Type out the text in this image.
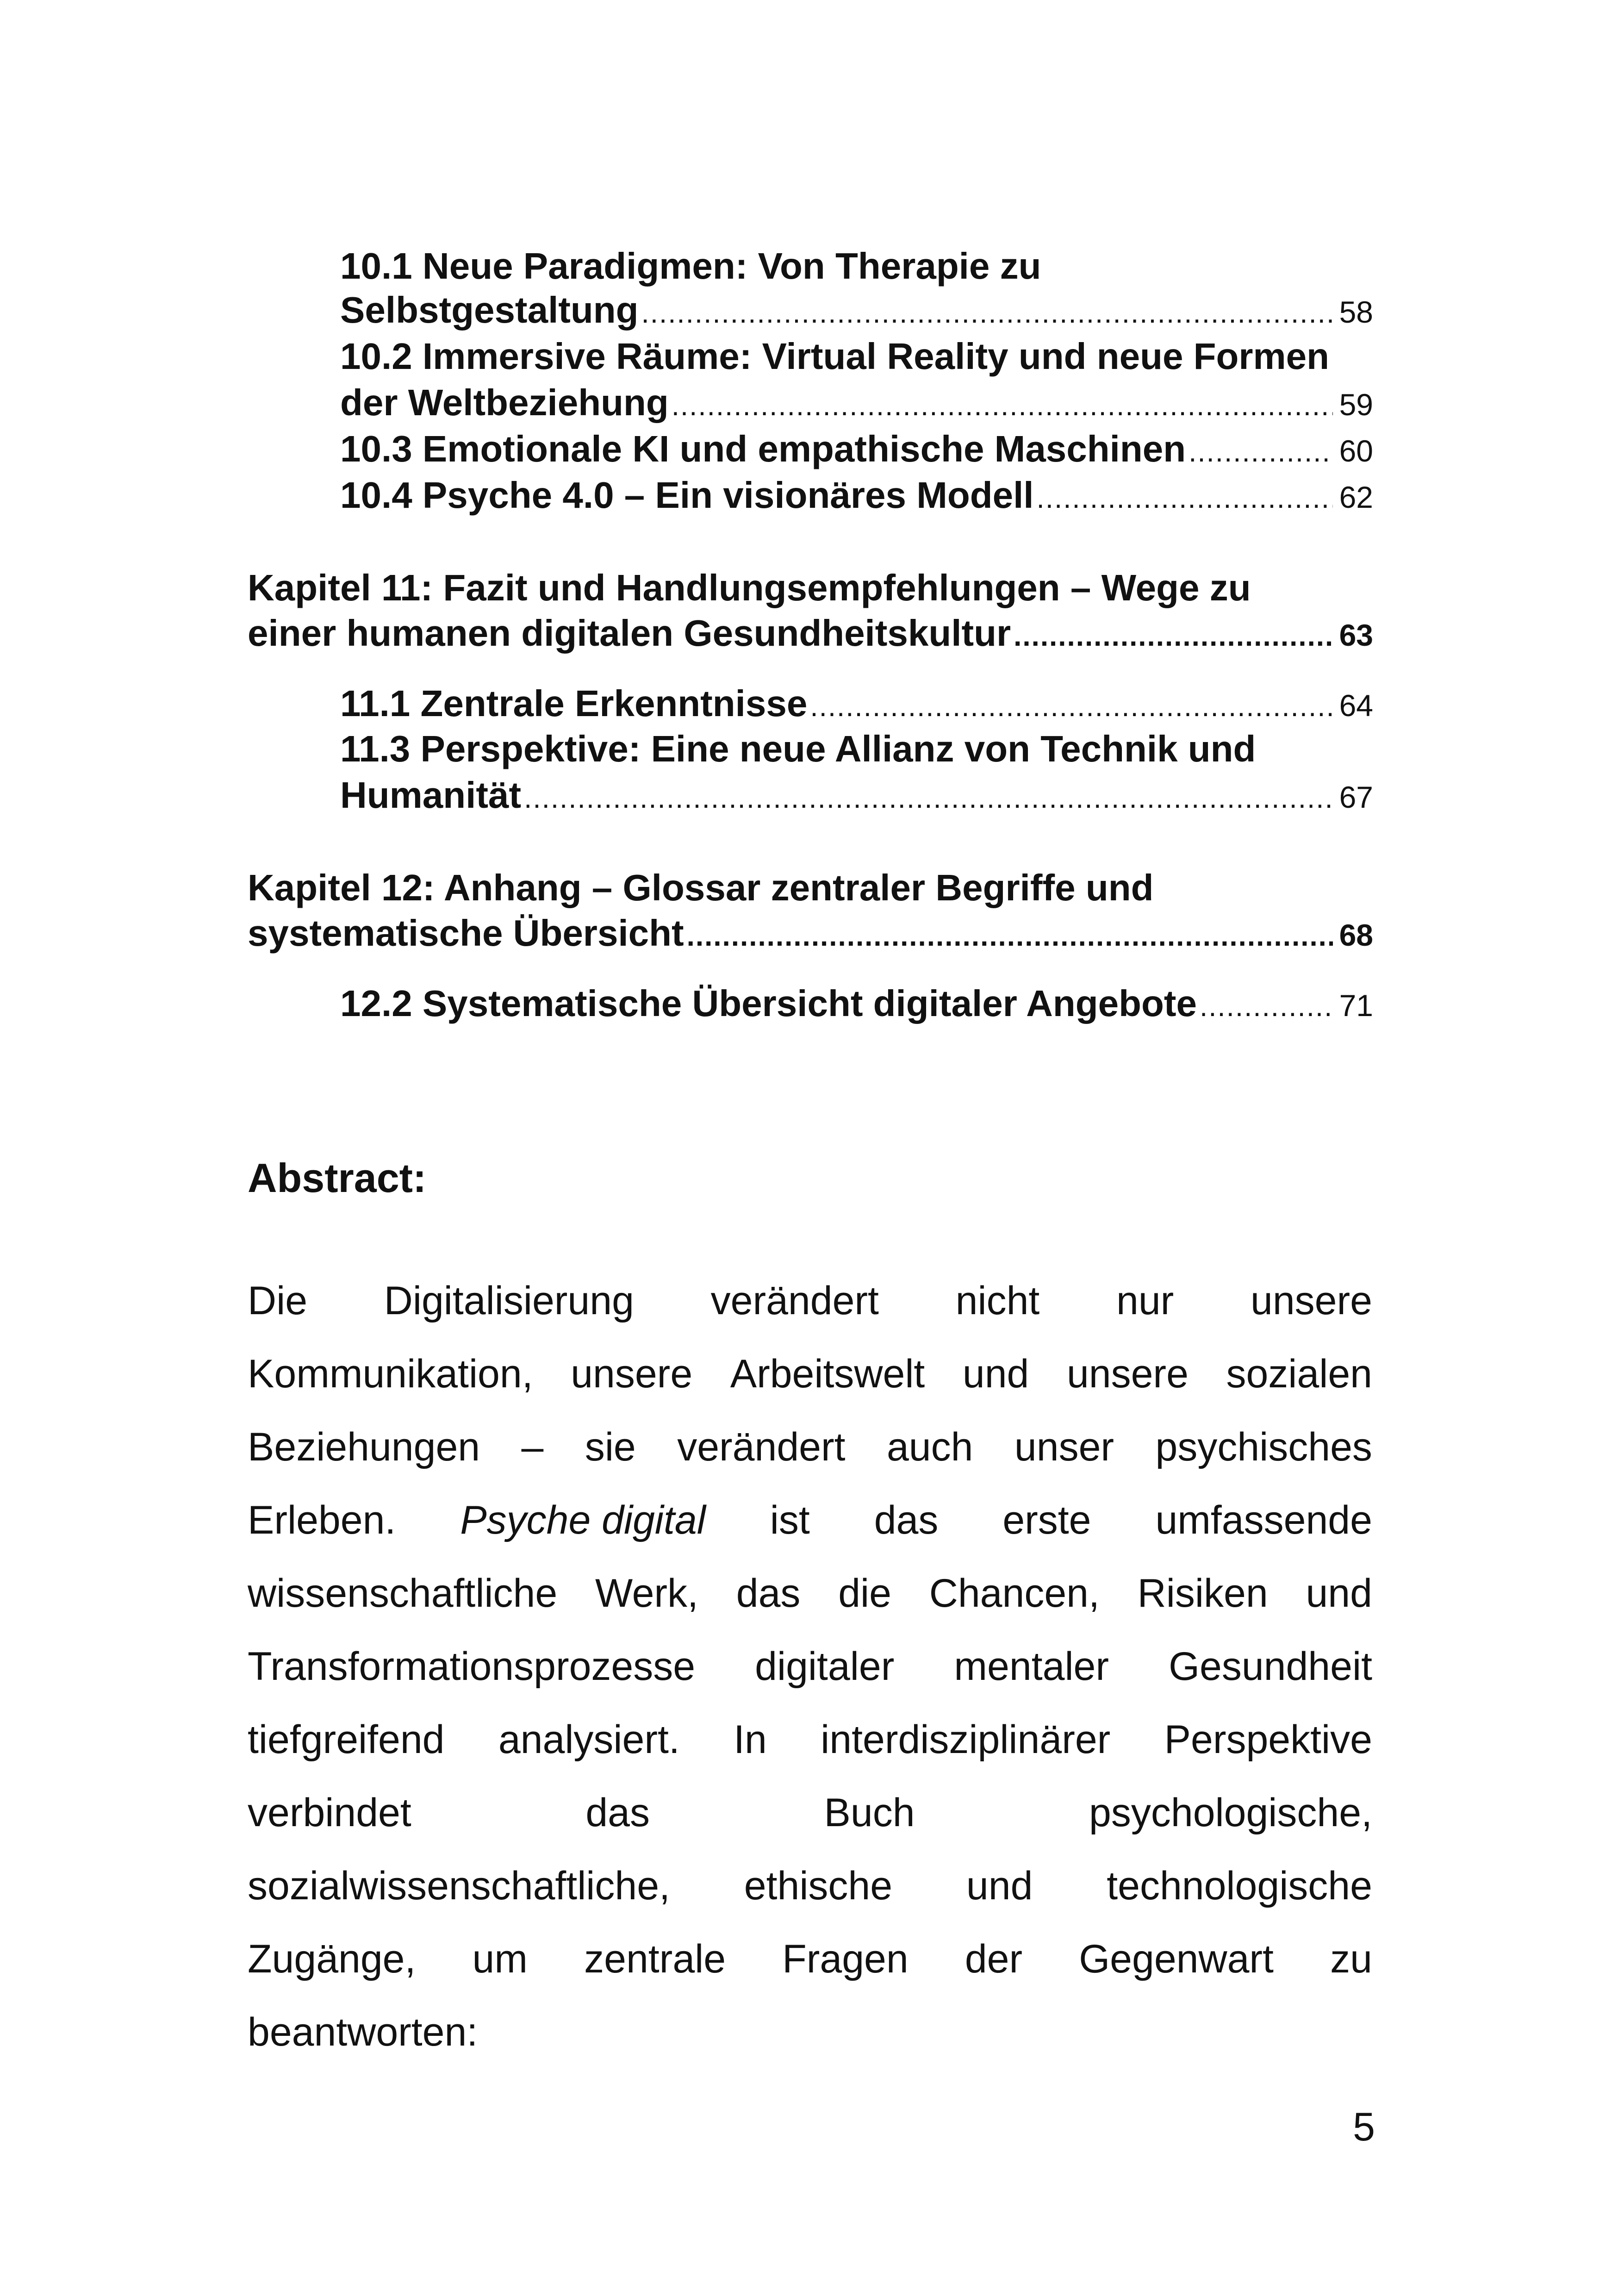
10.1 Neue Paradigmen: Von Therapie zu
Selbstgestaltung .....	58
10.2 Immersive Räume: Virtual Reality und neue Formen
der Weltbeziehung .....	59
10.3 Emotionale KI und empathische Maschinen .....	60
10.4 Psyche 4.0 – Ein visionäres Modell .....	62
Kapitel 11: Fazit und Handlungsempfehlungen – Wege zu
einer humanen digitalen Gesundheitskultur .....	63
11.1 Zentrale Erkenntnisse .....	64
11.3 Perspektive: Eine neue Allianz von Technik und
Humanität .....	67
Kapitel 12: Anhang – Glossar zentraler Begriffe und
systematische Übersicht .....	68
12.2 Systematische Übersicht digitaler Angebote .....	71
Abstract:
Die Digitalisierung verändert nicht nur unsere
Kommunikation, unsere Arbeitswelt und unsere sozialen
Beziehungen – sie verändert auch unser psychisches
Erleben. Psyche digital ist das erste umfassende
wissenschaftliche Werk, das die Chancen, Risiken und
Transformationsprozesse digitaler mentaler Gesundheit
tiefgreifend analysiert. In interdisziplinärer Perspektive
verbindet	das	Buch	psychologische,
sozialwissenschaftliche, ethische und technologische
Zugänge, um zentrale Fragen der Gegenwart zu
beantworten:
5
